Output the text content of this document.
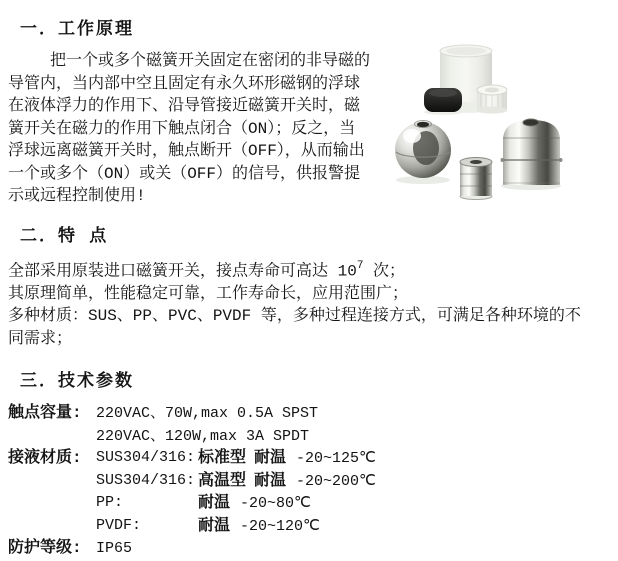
一．工作原理
把一个或多个磁簧开关固定在密闭的非导磁的
导管内，当内部中空且固定有永久环形磁钢的浮球
在液体浮力的作用下、沿导管接近磁簧开关时，磁
簧开关在磁力的作用下触点闭合（ON）；反之，当
浮球远离磁簧开关时，触点断开（OFF），从而输出
一个或多个（ON）或关（OFF）的信号，供报警提
示或远程控制使用!
二．特 点
全部采用原装进口磁簧开关，接点寿命可高达 $10^7$ 次；
其原理简单，性能稳定可靠，工作寿命长，应用范围广；
多种材质：SUS、PP、PVC、PVDF 等，多种过程连接方式，可满足各种环境的不
同需求；
三．技术参数
触点容量: 220VAC、70W,max 0.5A SPST
220VAC、120W,max 3A SPDT
接液材质: SUS304/316: 标准型 耐温 -20~125℃
SUS304/316: 高温型 耐温 -20~200℃
PP:	耐温 -20~80℃
PVDF:	耐温 -20~120℃
防护等级: IP65
